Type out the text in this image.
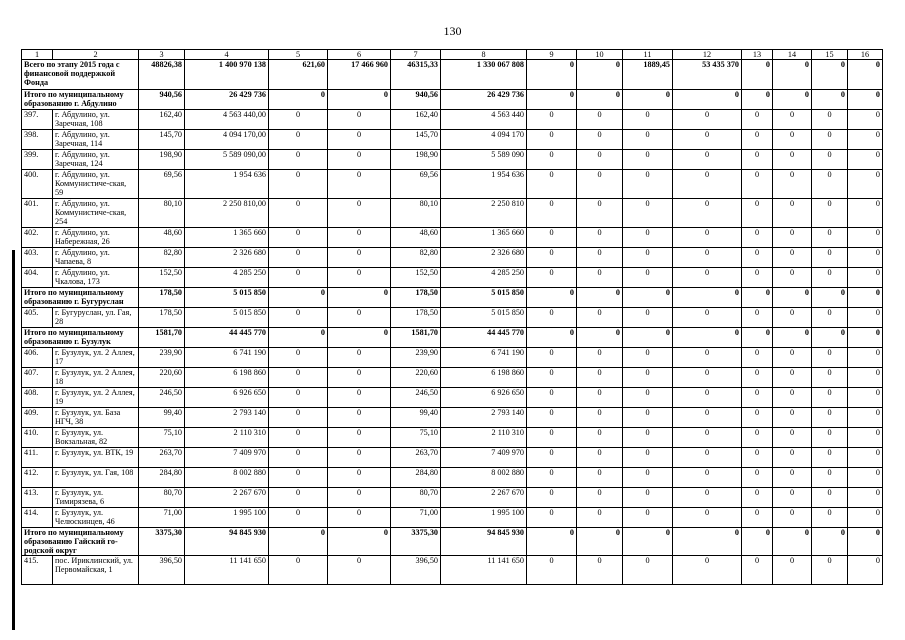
130
1	2	3	4	5	6	7	8	9	10	11	12	13	14	15	16
Всего по этапу 2015 года с финансовой поддержкой Фонда		48826,38	1 400 970 138	621,60	17 466 960	46315,33	1 330 067 808	0	0	1889,45	53 435 370	0	0	0	0
Итого по муниципальному образованию г. Абдулино		940,56	26 429 736	0	0	940,56	26 429 736	0	0	0	0	0	0	0	0
397.	г. Абдулино, ул. Заречная, 108	162,40	4 563 440,00	0	0	162,40	4 563 440	0	0	0	0	0	0	0	0
398.	г. Абдулино, ул. Заречная, 114	145,70	4 094 170,00	0	0	145,70	4 094 170	0	0	0	0	0	0	0	0
399.	г. Абдулино, ул. Заречная, 124	198,90	5 589 090,00	0	0	198,90	5 589 090	0	0	0	0	0	0	0	0
400.	г. Абдулино, ул. Коммунистиче-ская, 59	69,56	1 954 636	0	0	69,56	1 954 636	0	0	0	0	0	0	0	0
401.	г. Абдулино, ул. Коммунистиче-ская, 254	80,10	2 250 810,00	0	0	80,10	2 250 810	0	0	0	0	0	0	0	0
402.	г. Абдулино, ул. Набережная, 26	48,60	1 365 660	0	0	48,60	1 365 660	0	0	0	0	0	0	0	0
403.	г. Абдулино, ул. Чапаева, 8	82,80	2 326 680	0	0	82,80	2 326 680	0	0	0	0	0	0	0	0
404.	г. Абдулино, ул. Чкалова, 173	152,50	4 285 250	0	0	152,50	4 285 250	0	0	0	0	0	0	0	0
Итого по муниципальному образованию г. Бугуруслан		178,50	5 015 850	0	0	178,50	5 015 850	0	0	0	0	0	0	0	0
405.	г. Бугуруслан, ул. Гая, 28	178,50	5 015 850	0	0	178,50	5 015 850	0	0	0	0	0	0	0	0
Итого по муниципальному образованию г. Бузулук		1581,70	44 445 770	0	0	1581,70	44 445 770	0	0	0	0	0	0	0	0
406.	г. Бузулук, ул. 2 Аллея, 17	239,90	6 741 190	0	0	239,90	6 741 190	0	0	0	0	0	0	0	0
407.	г. Бузулук, ул. 2 Аллея, 18	220,60	6 198 860	0	0	220,60	6 198 860	0	0	0	0	0	0	0	0
408.	г. Бузулук, ул. 2 Аллея, 19	246,50	6 926 650	0	0	246,50	6 926 650	0	0	0	0	0	0	0	0
409.	г. Бузулук, ул. База НГЧ, 38	99,40	2 793 140	0	0	99,40	2 793 140	0	0	0	0	0	0	0	0
410.	г. Бузулук, ул. Вокзальная, 82	75,10	2 110 310	0	0	75,10	2 110 310	0	0	0	0	0	0	0	0
411.	г. Бузулук, ул. ВТК, 19	263,70	7 409 970	0	0	263,70	7 409 970	0	0	0	0	0	0	0	0
412.	г. Бузулук, ул. Гая, 108	284,80	8 002 880	0	0	284,80	8 002 880	0	0	0	0	0	0	0	0
413.	г. Бузулук, ул. Тимирязева, 6	80,70	2 267 670	0	0	80,70	2 267 670	0	0	0	0	0	0	0	0
414.	г. Бузулук, ул. Челюскинцев, 46	71,00	1 995 100	0	0	71,00	1 995 100	0	0	0	0	0	0	0	0
Итого по муниципальному образованию Гайский го-родской округ		3375,30	94 845 930	0	0	3375,30	94 845 930	0	0	0	0	0	0	0	0
415.	пос. Ириклинский, ул. Первомайская, 1	396,50	11 141 650	0	0	396,50	11 141 650	0	0	0	0	0	0	0	0
